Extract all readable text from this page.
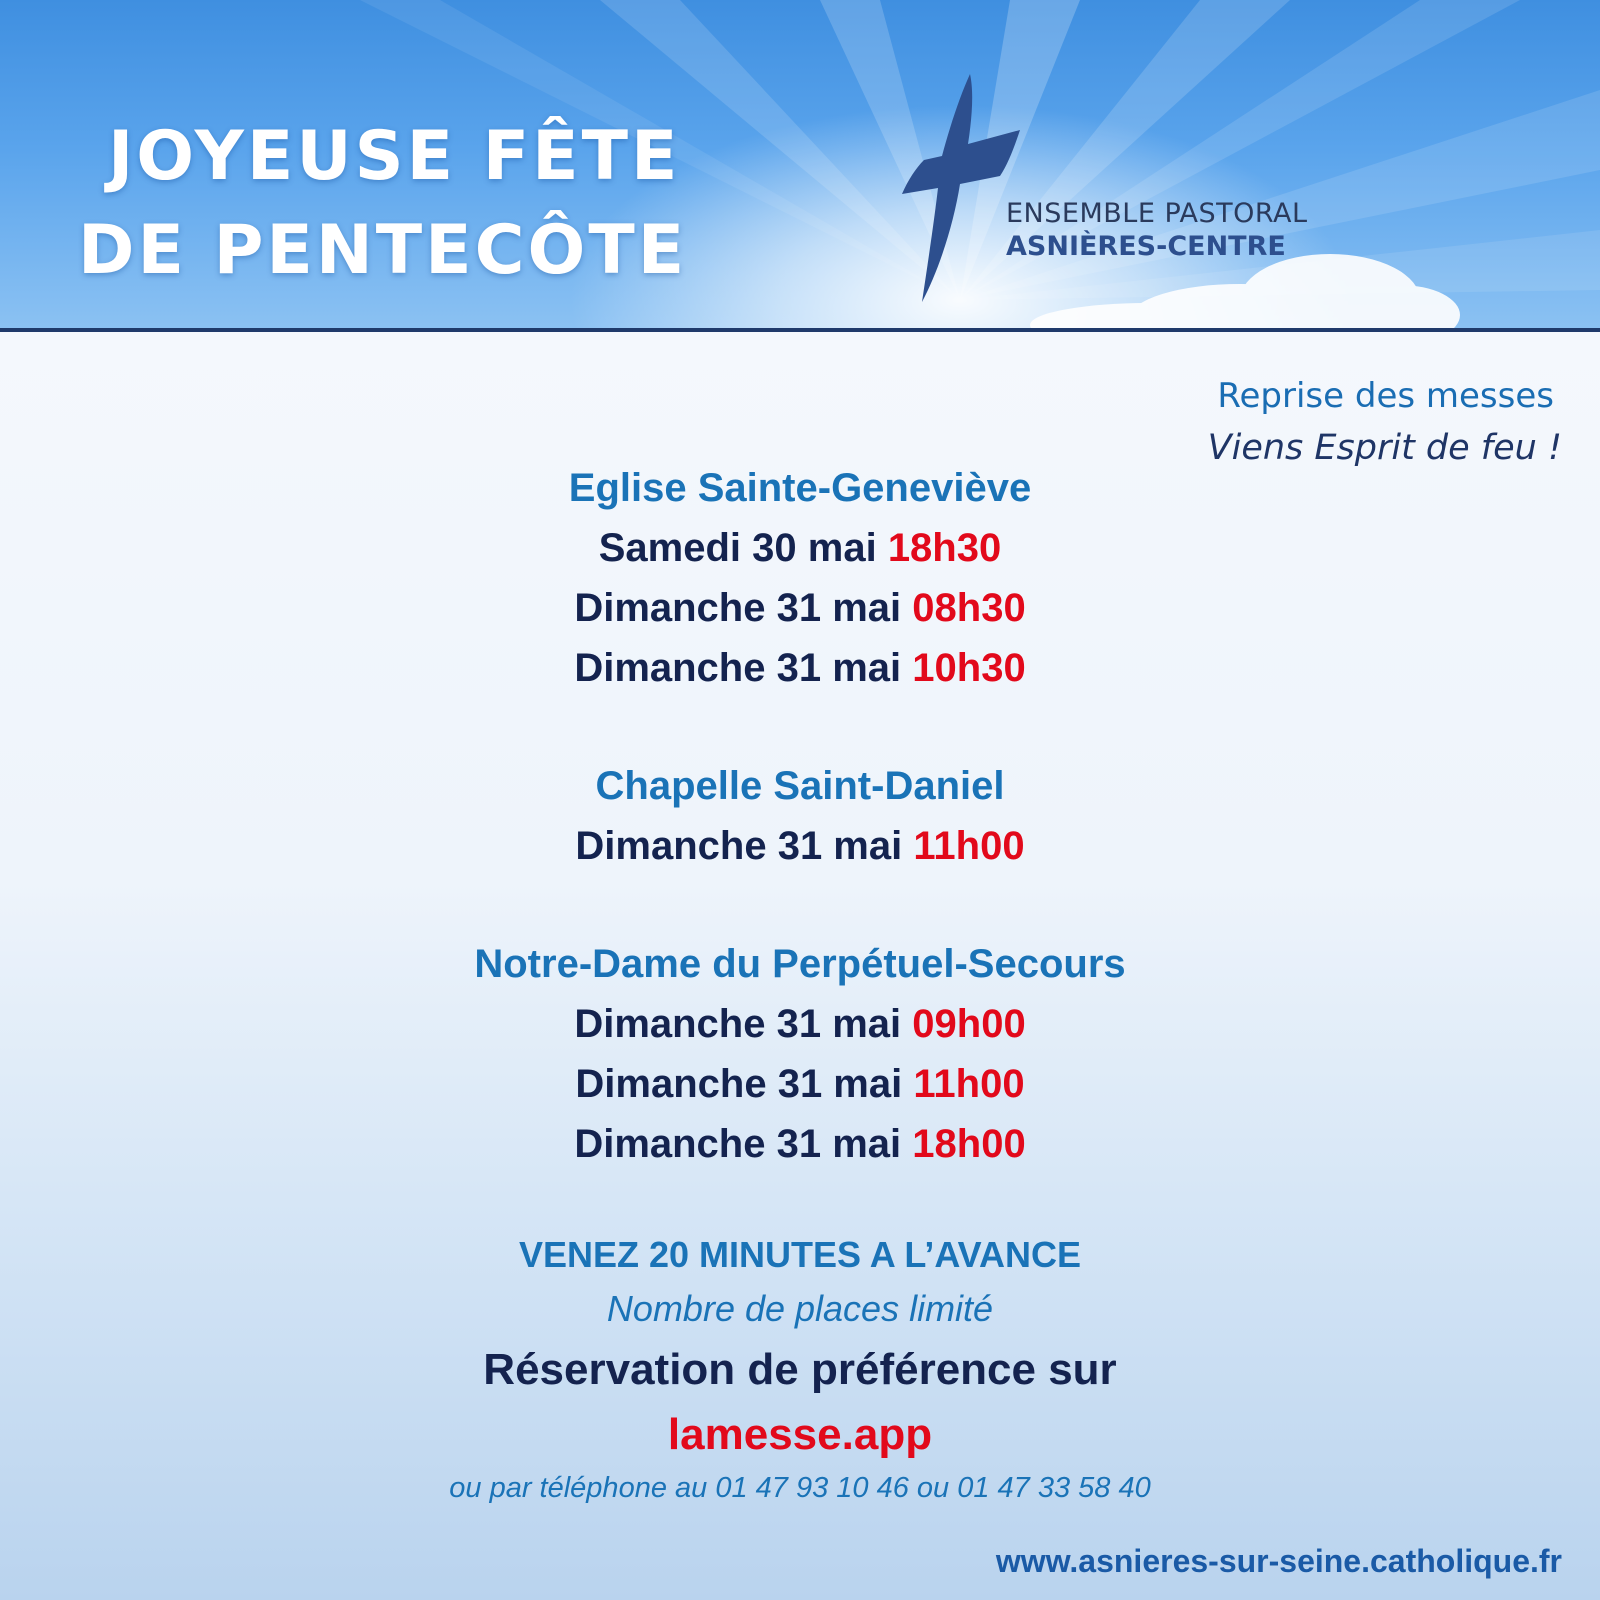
JOYEUSE FÊTE
DE PENTECÔTE	ENSEMBLE PASTORAL
ASNIÈRES-CENTRE
Reprise des messes
Viens Esprit de feu !

Eglise Sainte-Geneviève

Samedi 30 mai 18h30

Dimanche 31 mai 08h30

Dimanche 31 mai 10h30

Chapelle Saint-Daniel

Dimanche 31 mai 11h00

Notre-Dame du Perpétuel-Secours

Dimanche 31 mai 09h00

Dimanche 31 mai 11h00

Dimanche 31 mai 18h00

VENEZ 20 MINUTES A L’AVANCE
Nombre de places limité
Réservation de préférence sur
lamesse.app
ou par téléphone au 01 47 93 10 46 ou 01 47 33 58 40
www.asnieres-sur-seine.catholique.fr
